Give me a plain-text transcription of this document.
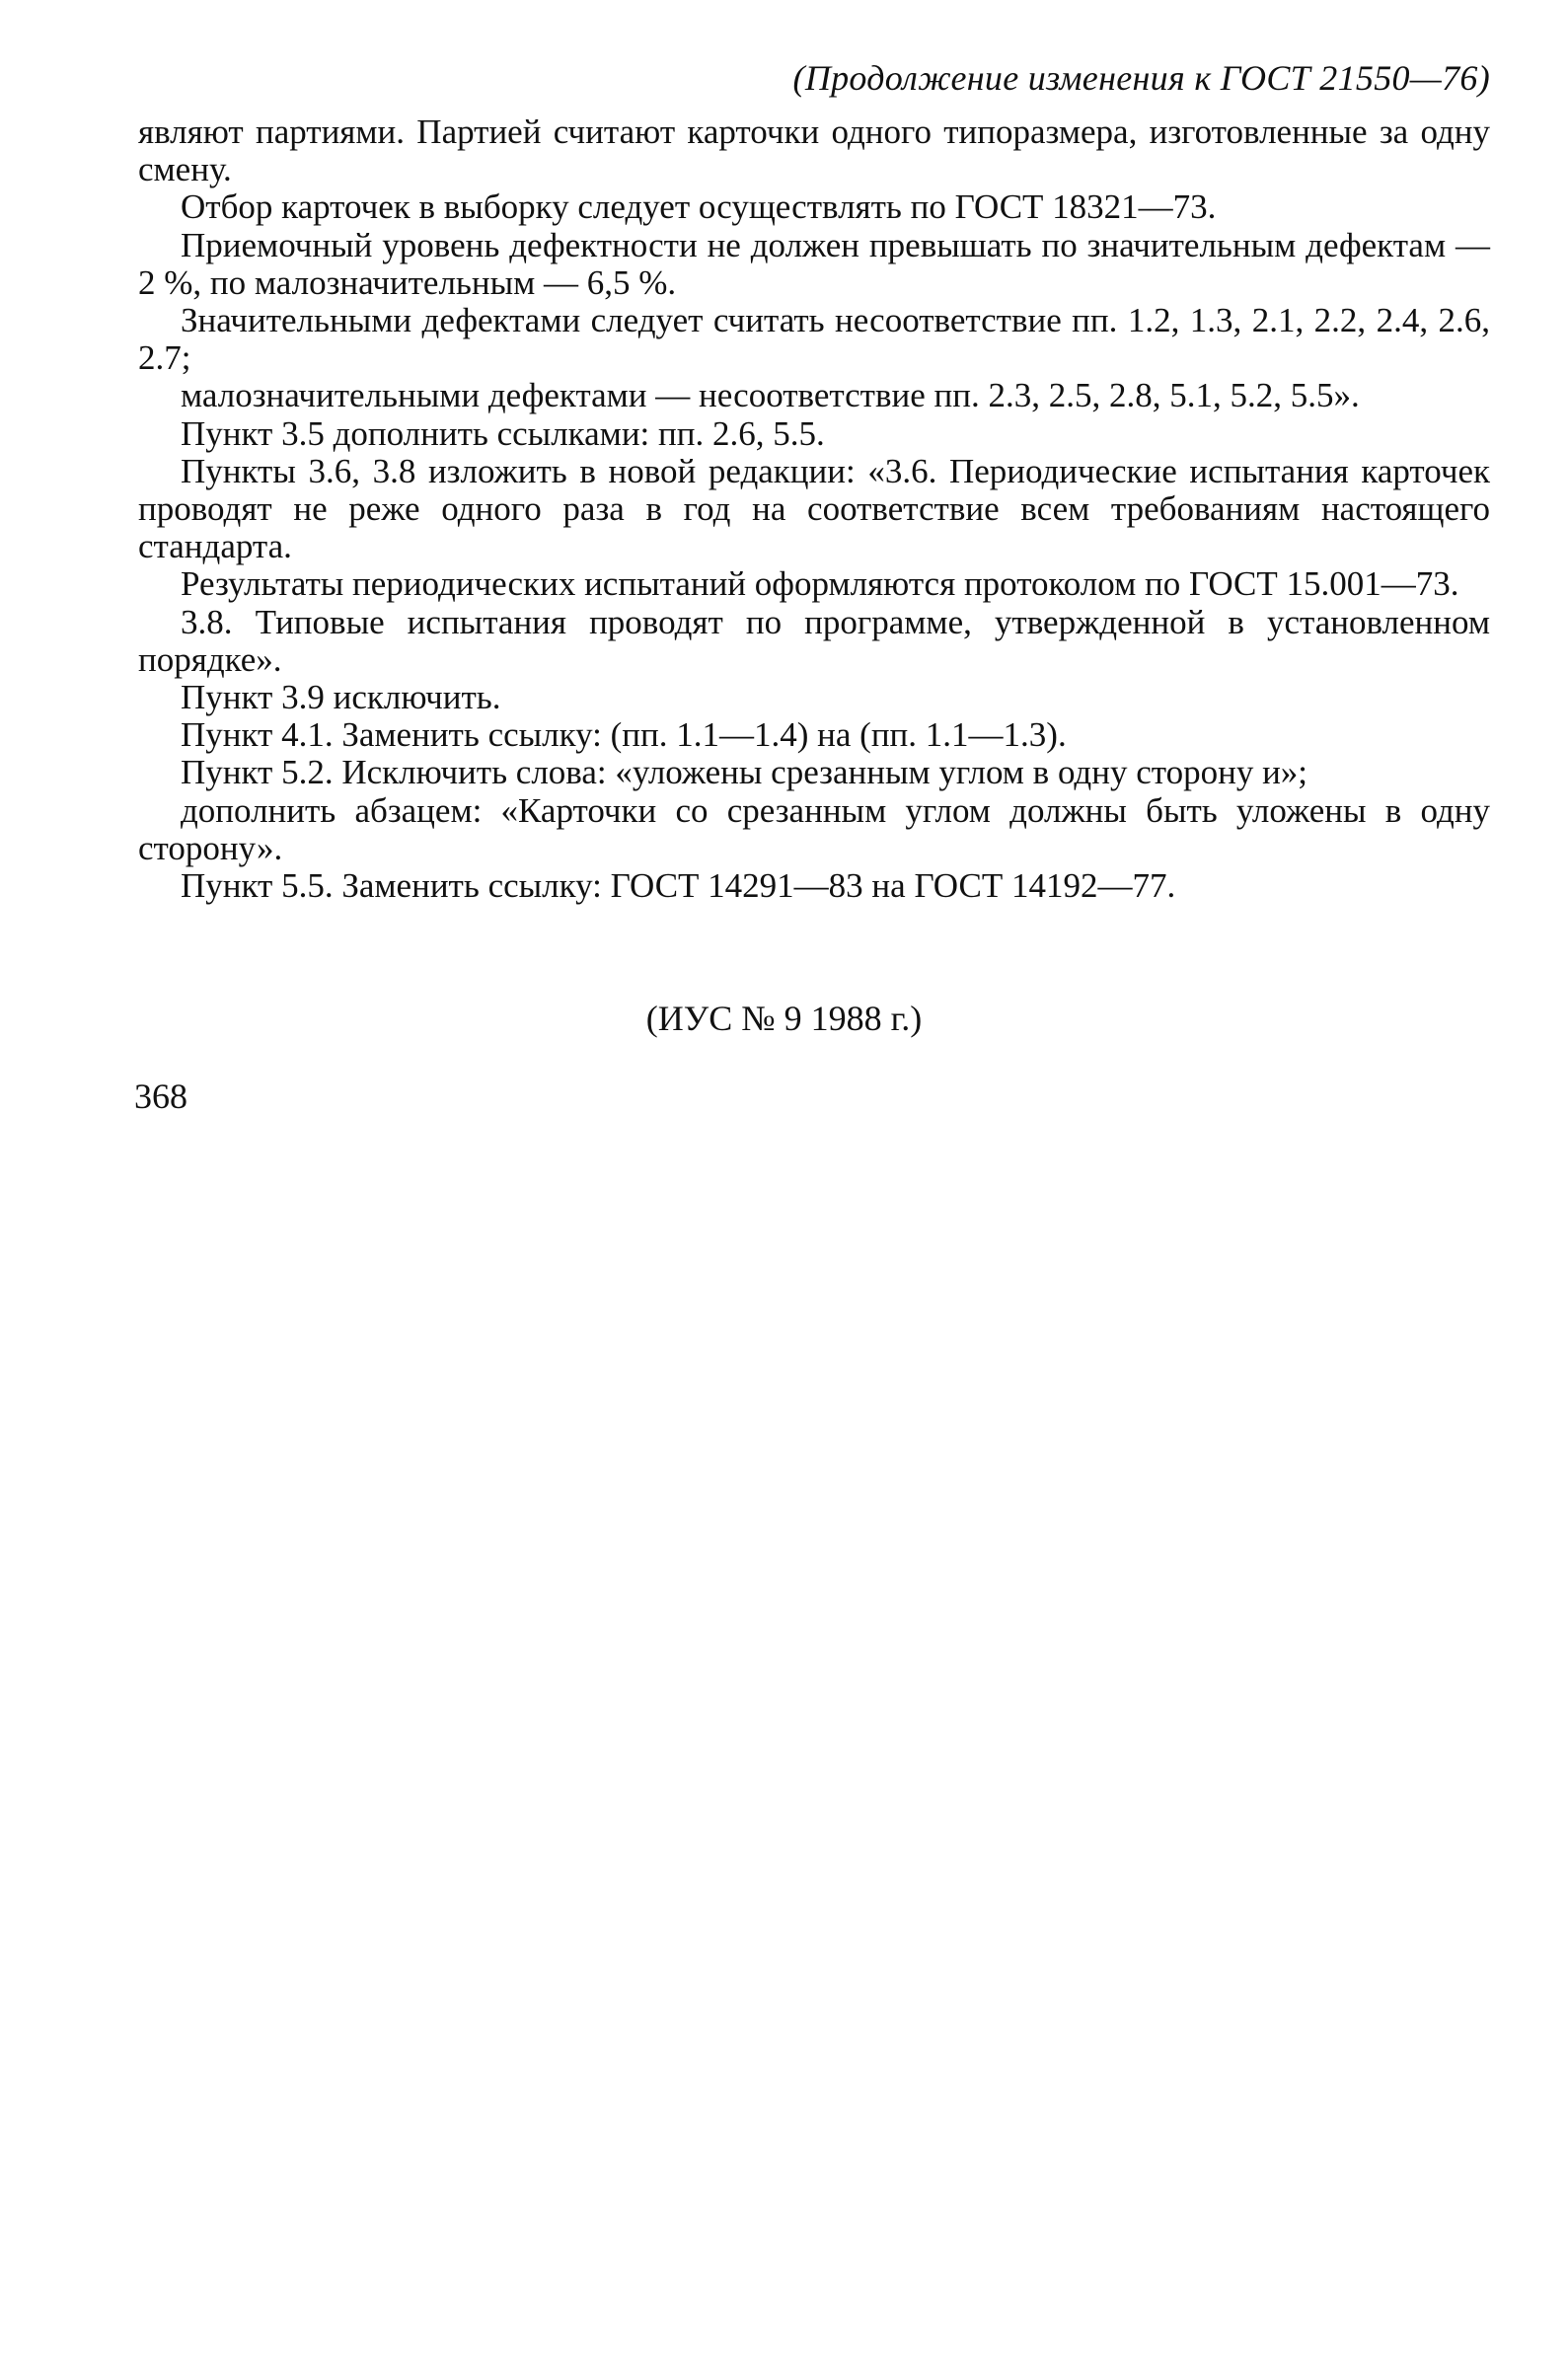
(Продолжение изменения к ГОСТ 21550—76)

являют партиями. Партией считают карточки одного типоразмера, изготовленные за одну смену.

Отбор карточек в выборку следует осуществлять по ГОСТ 18321—73.

Приемочный уровень дефектности не должен превышать по значительным дефектам — 2 %, по малозначительным — 6,5 %.

Значительными дефектами следует считать несоответствие пп. 1.2, 1.3, 2.1, 2.2, 2.4, 2.6, 2.7;

малозначительными дефектами — несоответствие пп. 2.3, 2.5, 2.8, 5.1, 5.2, 5.5».

Пункт 3.5 дополнить ссылками: пп. 2.6, 5.5.

Пункты 3.6, 3.8 изложить в новой редакции: «3.6. Периодические испытания карточек проводят не реже одного раза в год на соответствие всем требованиям настоящего стандарта.

Результаты периодических испытаний оформляются протоколом по ГОСТ 15.001—73.

3.8. Типовые испытания проводят по программе, утвержденной в установленном порядке».

Пункт 3.9 исключить.

Пункт 4.1. Заменить ссылку: (пп. 1.1—1.4) на (пп. 1.1—1.3).

Пункт 5.2. Исключить слова: «уложены срезанным углом в одну сторону и»;

дополнить абзацем: «Карточки со срезанным углом должны быть уложены в одну сторону».

Пункт 5.5. Заменить ссылку: ГОСТ 14291—83 на ГОСТ 14192—77.

(ИУС № 9 1988 г.)
368
